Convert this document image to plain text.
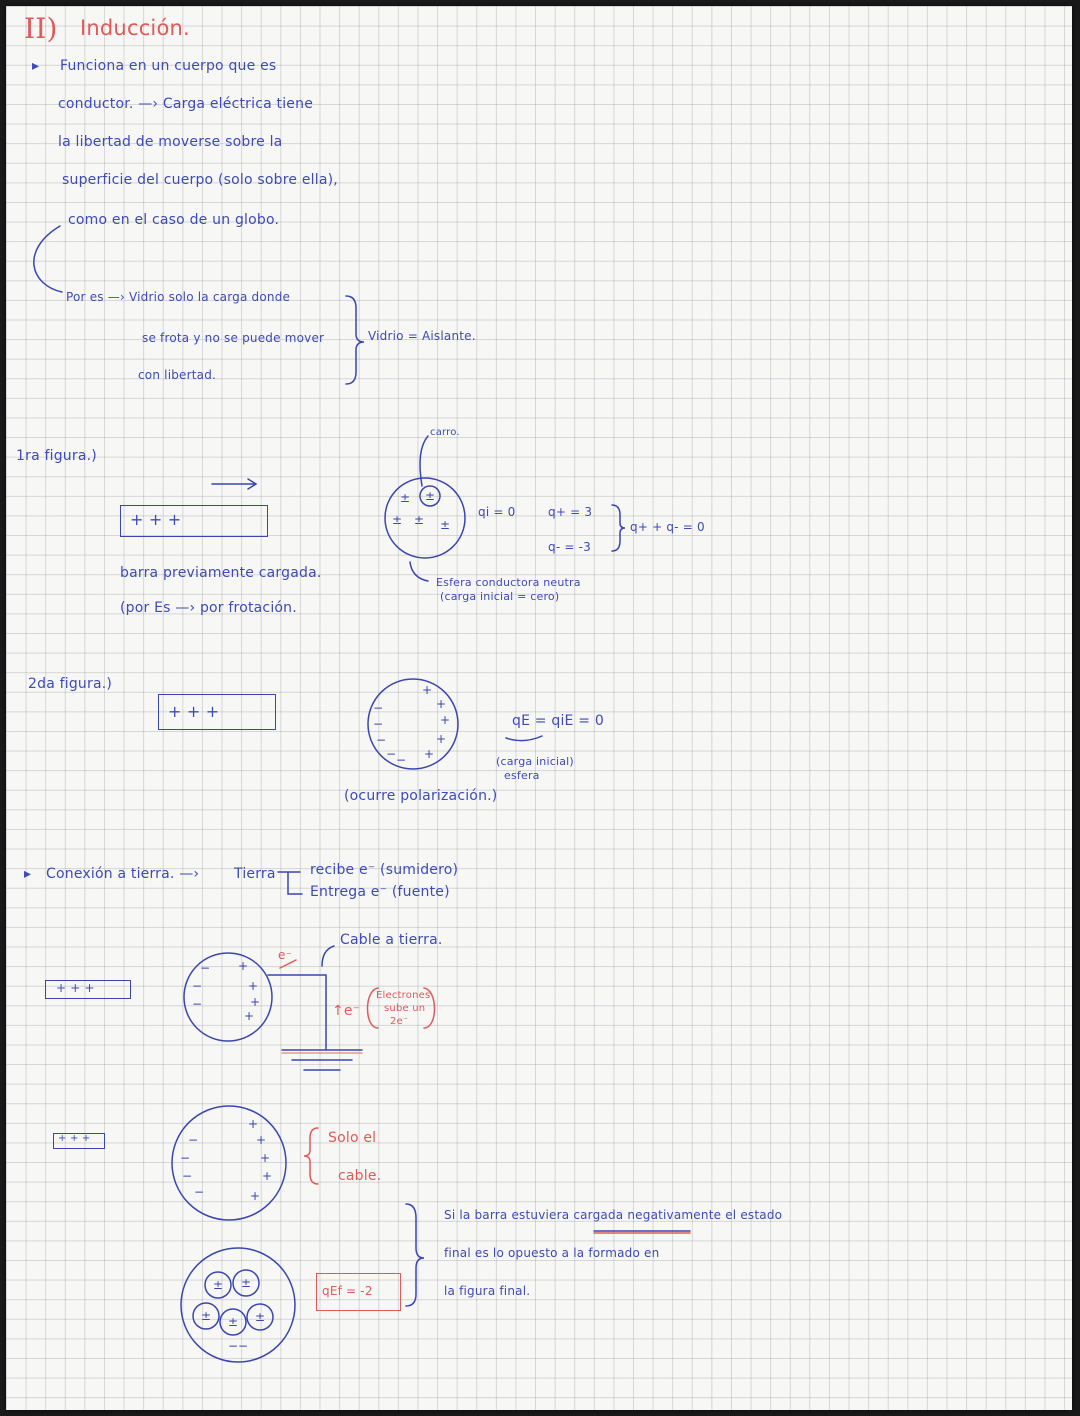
II) Inducción.
▸ Funciona en un cuerpo que es
conductor. —› Carga eléctrica tiene
la libertad de moverse sobre la
superficie del cuerpo (solo sobre ella),
como en el caso de un globo.
Por es —› Vidrio solo la carga donde
se frota y no se puede mover
con libertad.
Vidrio = Aislante.
1ra figura.)
+ + +
barra previamente cargada.
(por Es —› por frotación.
carro.
qi = 0	q+ = 3
q- = -3
q+ + q- = 0
Esfera conductora neutra
(carga inicial = cero)
2da figura.)
+ + +	qE = qiE = 0
(carga inicial)
esfera
(ocurre polarización.)
▸ Conexión a tierra. —› Tierra recibe e⁻ (sumidero)
Entrega e⁻ (fuente)
Cable a tierra.
+ + +
e⁻
↑e⁻
Electrones
sube un
2e⁻
+ + +	Solo el
cable.
qEf = -2
Si la barra estuviera cargada negativamente el estado
final es lo opuesto a la formado en
la figura final.
± ±
± ± ±
+
+
+
+
+
−
−
−
− −
+
+
+
+
−
−
−
+
+
+
+
+
−
−
−
−
± ±
± ± ±
−−
